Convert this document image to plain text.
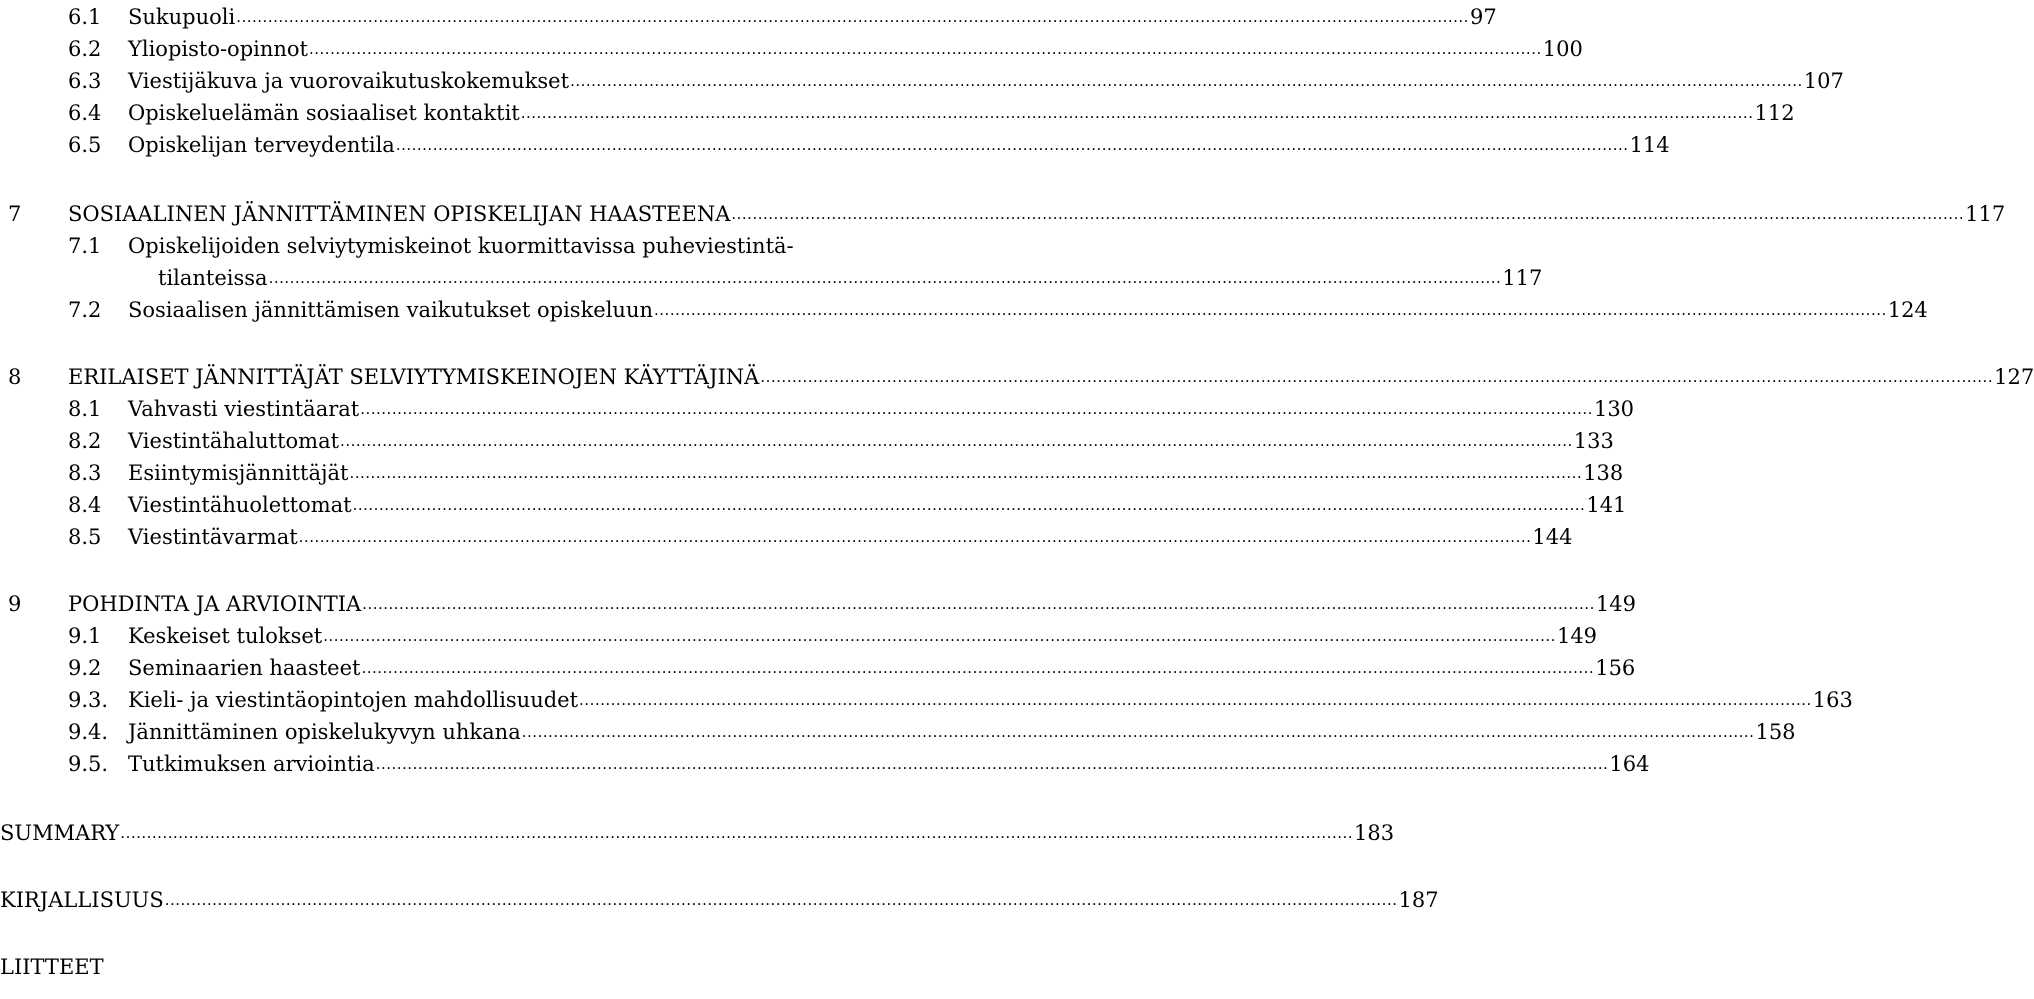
6.1	Sukupuoli .....	97
6.2	Yliopisto-opinnot .....	100
6.3	Viestijäkuva ja vuorovaikutuskokemukset .....	107
6.4	Opiskeluelämän sosiaaliset kontaktit .....	112
6.5	Opiskelijan terveydentila .....	114
7	SOSIAALINEN JÄNNITTÄMINEN OPISKELIJAN HAASTEENA .....	117
7.1	Opiskelijoiden selviytymiskeinot kuormittavissa puheviestintä-
tilanteissa .....	117
7.2	Sosiaalisen jännittämisen vaikutukset opiskeluun .....	124
8	ERILAISET JÄNNITTÄJÄT SELVIYTYMISKEINOJEN KÄYTTÄJINÄ .....	127
8.1	Vahvasti viestintäarat .....	130
8.2	Viestintähaluttomat .....	133
8.3	Esiintymisjännittäjät .....	138
8.4	Viestintähuolettomat .....	141
8.5	Viestintävarmat .....	144
9	POHDINTA JA ARVIOINTIA .....	149
9.1	Keskeiset tulokset .....	149
9.2	Seminaarien haasteet .....	156
9.3. Kieli- ja viestintäopintojen mahdollisuudet .....	163
9.4. Jännittäminen opiskelukyvyn uhkana .....	158
9.5. Tutkimuksen arviointia .....	164
SUMMARY .....	183
KIRJALLISUUS .....	187
LIITTEET
